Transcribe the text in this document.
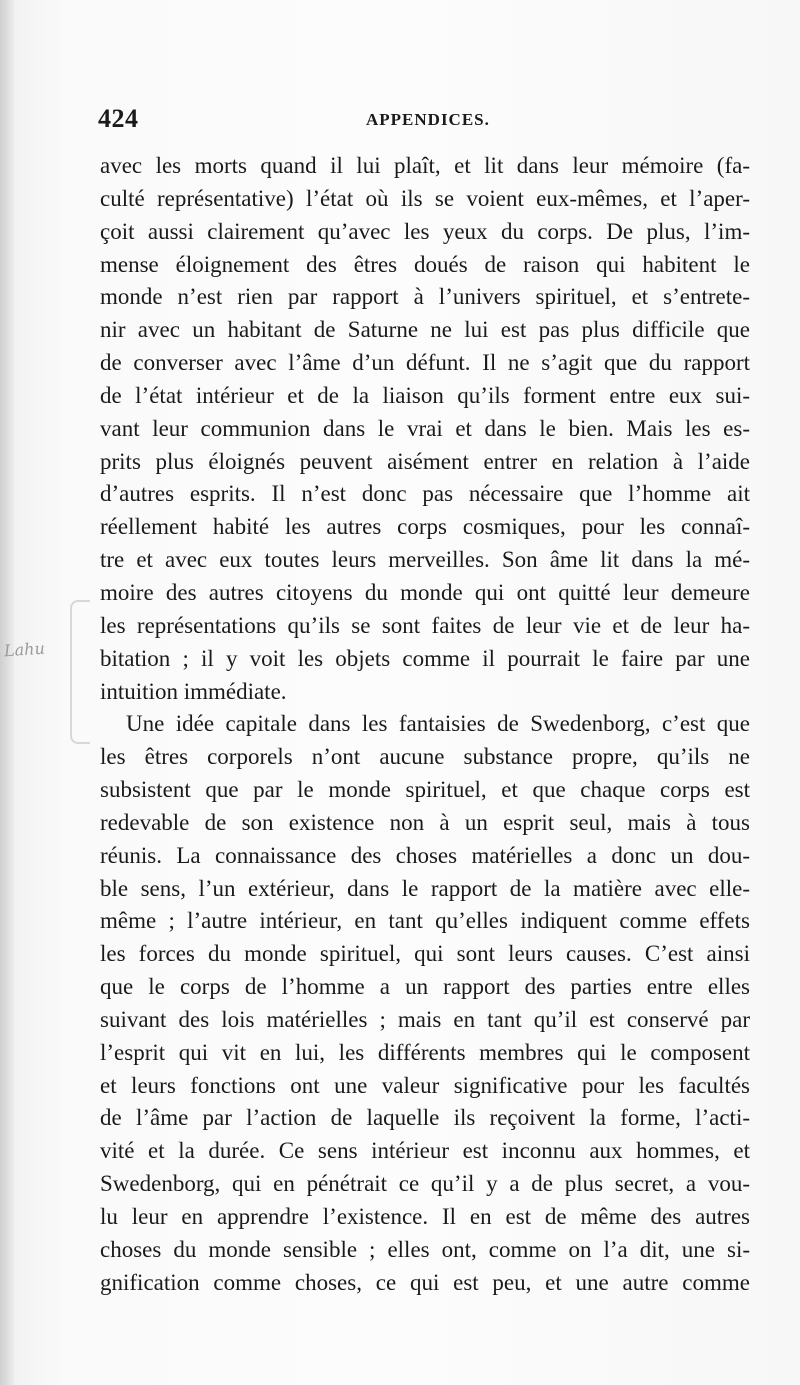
424	APPENDICES.
Lahu
avec les morts quand il lui plaît, et lit dans leur mémoire (fa-
culté représentative) l’état où ils se voient eux-mêmes, et l’aper-
çoit aussi clairement qu’avec les yeux du corps. De plus, l’im-
mense éloignement des êtres doués de raison qui habitent le
monde n’est rien par rapport à l’univers spirituel, et s’entrete-
nir avec un habitant de Saturne ne lui est pas plus difficile que
de converser avec l’âme d’un défunt. Il ne s’agit que du rapport
de l’état intérieur et de la liaison qu’ils forment entre eux sui-
vant leur communion dans le vrai et dans le bien. Mais les es-
prits plus éloignés peuvent aisément entrer en relation à l’aide
d’autres esprits. Il n’est donc pas nécessaire que l’homme ait
réellement habité les autres corps cosmiques, pour les connaî-
tre et avec eux toutes leurs merveilles. Son âme lit dans la mé-
moire des autres citoyens du monde qui ont quitté leur demeure
les représentations qu’ils se sont faites de leur vie et de leur ha-
bitation ; il y voit les objets comme il pourrait le faire par une
intuition immédiate.
Une idée capitale dans les fantaisies de Swedenborg, c’est que
les êtres corporels n’ont aucune substance propre, qu’ils ne
subsistent que par le monde spirituel, et que chaque corps est
redevable de son existence non à un esprit seul, mais à tous
réunis. La connaissance des choses matérielles a donc un dou-
ble sens, l’un extérieur, dans le rapport de la matière avec elle-
même ; l’autre intérieur, en tant qu’elles indiquent comme effets
les forces du monde spirituel, qui sont leurs causes. C’est ainsi
que le corps de l’homme a un rapport des parties entre elles
suivant des lois matérielles ; mais en tant qu’il est conservé par
l’esprit qui vit en lui, les différents membres qui le composent
et leurs fonctions ont une valeur significative pour les facultés
de l’âme par l’action de laquelle ils reçoivent la forme, l’acti-
vité et la durée. Ce sens intérieur est inconnu aux hommes, et
Swedenborg, qui en pénétrait ce qu’il y a de plus secret, a vou-
lu leur en apprendre l’existence. Il en est de même des autres
choses du monde sensible ; elles ont, comme on l’a dit, une si-
gnification comme choses, ce qui est peu, et une autre comme
